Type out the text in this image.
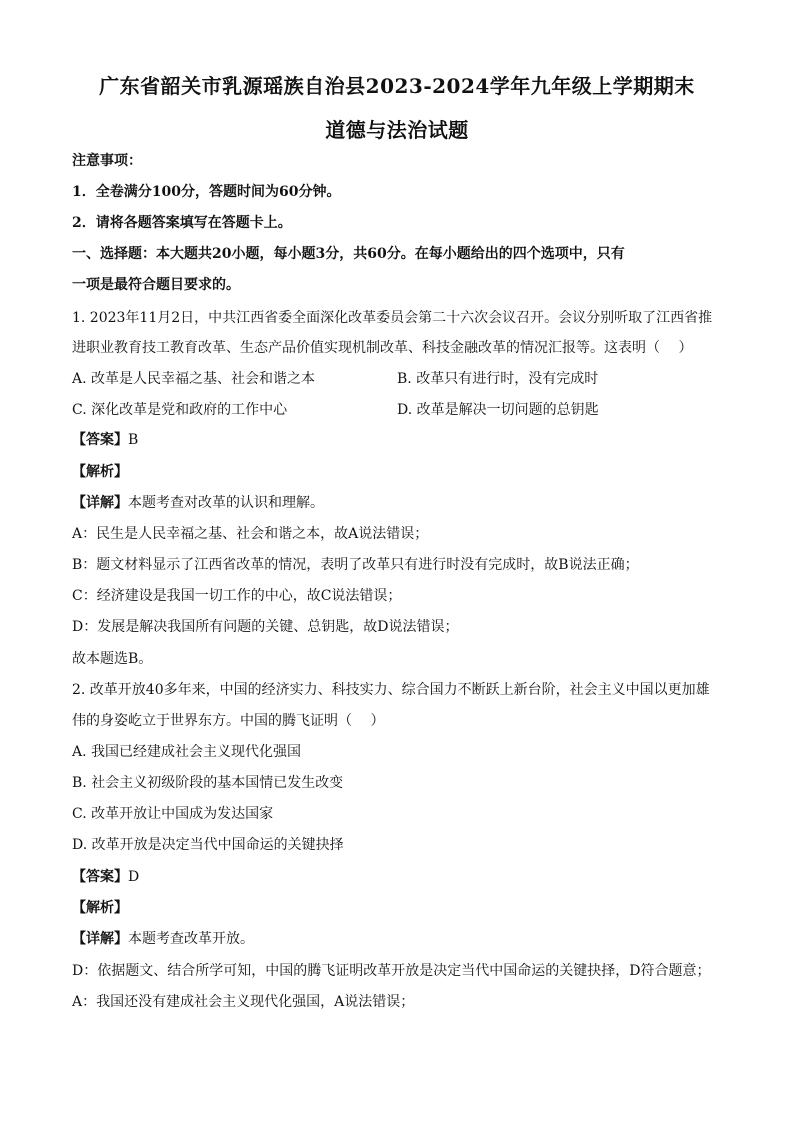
广东省韶关市乳源瑶族自治县2023-2024学年九年级上学期期末
道德与法治试题
注意事项：
1．全卷满分100分，答题时间为60分钟。
2．请将各题答案填写在答题卡上。
一、选择题：本大题共20小题，每小题3分，共60分。在每小题给出的四个选项中，只有
一项是最符合题目要求的。
1. 2023年11月2日，中共江西省委全面深化改革委员会第二十六次会议召开。会议分别听取了江西省推
进职业教育技工教育改革、生态产品价值实现机制改革、科技金融改革的情况汇报等。这表明（　 ）
A. 改革是人民幸福之基、社会和谐之本	B. 改革只有进行时，没有完成时
C. 深化改革是党和政府的工作中心	D. 改革是解决一切问题的总钥匙
【答案】B
【解析】
【详解】本题考查对改革的认识和理解。
A：民生是人民幸福之基、社会和谐之本，故A说法错误；
B：题文材料显示了江西省改革的情况，表明了改革只有进行时没有完成时，故B说法正确；
C：经济建设是我国一切工作的中心，故C说法错误；
D：发展是解决我国所有问题的关键、总钥匙，故D说法错误；
故本题选B。
2. 改革开放40多年来，中国的经济实力、科技实力、综合国力不断跃上新台阶，社会主义中国以更加雄
伟的身姿屹立于世界东方。中国的腾飞证明（　 ）
A. 我国已经建成社会主义现代化强国
B. 社会主义初级阶段的基本国情已发生改变
C. 改革开放让中国成为发达国家
D. 改革开放是决定当代中国命运的关键抉择
【答案】D
【解析】
【详解】本题考查改革开放。
D：依据题文、结合所学可知，中国的腾飞证明改革开放是决定当代中国命运的关键抉择，D符合题意；
A：我国还没有建成社会主义现代化强国，A说法错误；
